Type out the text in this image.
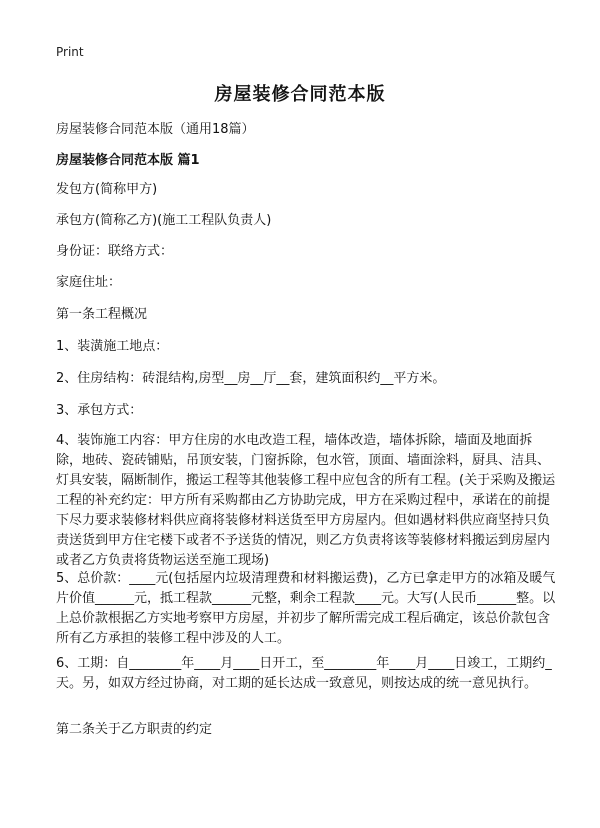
Print
房屋装修合同范本版

房屋装修合同范本版（通用18篇）

房屋装修合同范本版 篇1

发包方(简称甲方)

承包方(简称乙方)(施工工程队负责人)

身份证：联络方式：

家庭住址：

第一条工程概况

1、装潢施工地点：

2、住房结构：砖混结构,房型__房__厅__套，建筑面积约__平方米。

3、承包方式：

4、装饰施工内容：甲方住房的水电改造工程，墙体改造，墙体拆除，墙面及地面拆除，地砖、瓷砖铺贴，吊顶安装，门窗拆除，包水管，顶面、墙面涂料，厨具、洁具、灯具安装，隔断制作，搬运工程等其他装修工程中应包含的所有工程。(关于采购及搬运工程的补充约定：甲方所有采购都由乙方协助完成，甲方在采购过程中，承诺在的前提下尽力要求装修材料供应商将装修材料送货至甲方房屋内。但如遇材料供应商坚持只负责送货到甲方住宅楼下或者不予送货的情况，则乙方负责将该等装修材料搬运到房屋内或者乙方负责将货物运送至施工现场)

5、总价款：____元(包括屋内垃圾清理费和材料搬运费)，乙方已拿走甲方的冰箱及暖气片价值______元，抵工程款______元整，剩余工程款____元。大写(人民币______整。以上总价款根据乙方实地考察甲方房屋，并初步了解所需完成工程后确定，该总价款包含所有乙方承担的装修工程中涉及的人工。

6、工期：自________年____月____日开工，至________年____月____日竣工，工期约_天。另，如双方经过协商，对工期的延长达成一致意见，则按达成的统一意见执行。

第二条关于乙方职责的约定
